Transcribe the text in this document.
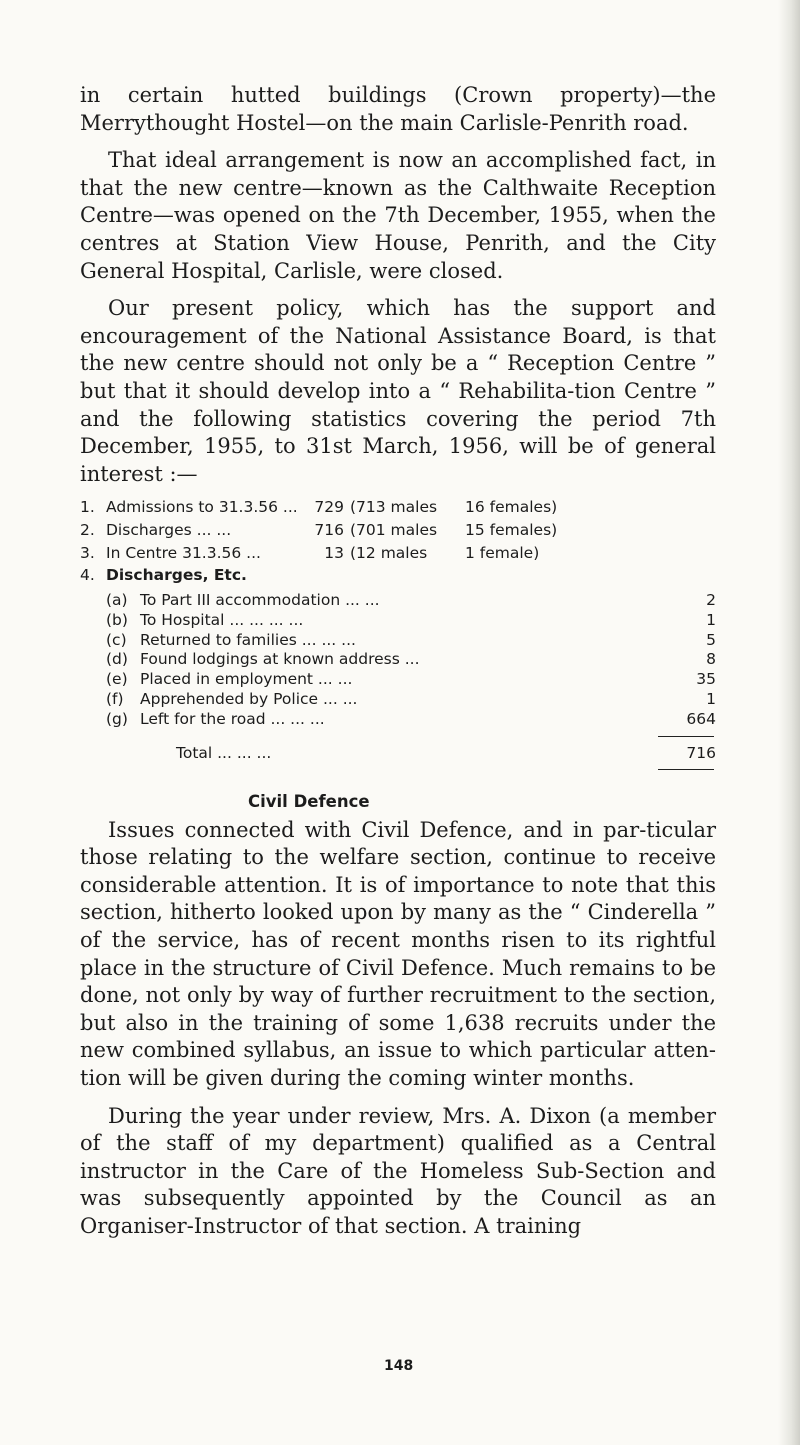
in certain hutted buildings (Crown property)—the Merrythought Hostel—on the main Carlisle-Penrith road.

That ideal arrangement is now an accomplished fact, in that the new centre—known as the Calthwaite Reception Centre—was opened on the 7th December, 1955, when the centres at Station View House, Penrith, and the City General Hospital, Carlisle, were closed.

Our present policy, which has the support and encouragement of the National Assistance Board, is that the new centre should not only be a “ Reception Centre ” but that it should develop into a “ Rehabilita-tion Centre ” and the following statistics covering the period 7th December, 1955, to 31st March, 1956, will be of general interest :—

1. Admissions to 31.3.56 ...	729 (713 males	16 females)
2. Discharges ... ...	716 (701 males	15 females)
3. In Centre 31.3.56 ...	13 (12 males	1 female)
4. Discharges, Etc.
(a) To Part III accommodation ... ...	2
(b) To Hospital ... ... ... ...	1
(c) Returned to families ... ... ...	5
(d) Found lodgings at known address ...	8
(e) Placed in employment ... ...	35
(f)	Apprehended by Police ... ...	1
(g) Left for the road ... ... ...	664
Total ... ... ...	716
Civil Defence

Issues connected with Civil Defence, and in par-ticular those relating to the welfare section, continue to receive considerable attention. It is of importance to note that this section, hitherto looked upon by many as the “ Cinderella ” of the service, has of recent months risen to its rightful place in the structure of Civil Defence. Much remains to be done, not only by way of further recruitment to the section, but also in the training of some 1,638 recruits under the new combined syllabus, an issue to which particular atten-tion will be given during the coming winter months.

During the year under review, Mrs. A. Dixon (a member of the staff of my department) qualified as a Central instructor in the Care of the Homeless Sub-Section and was subsequently appointed by the Council as an Organiser-Instructor of that section. A training

148
